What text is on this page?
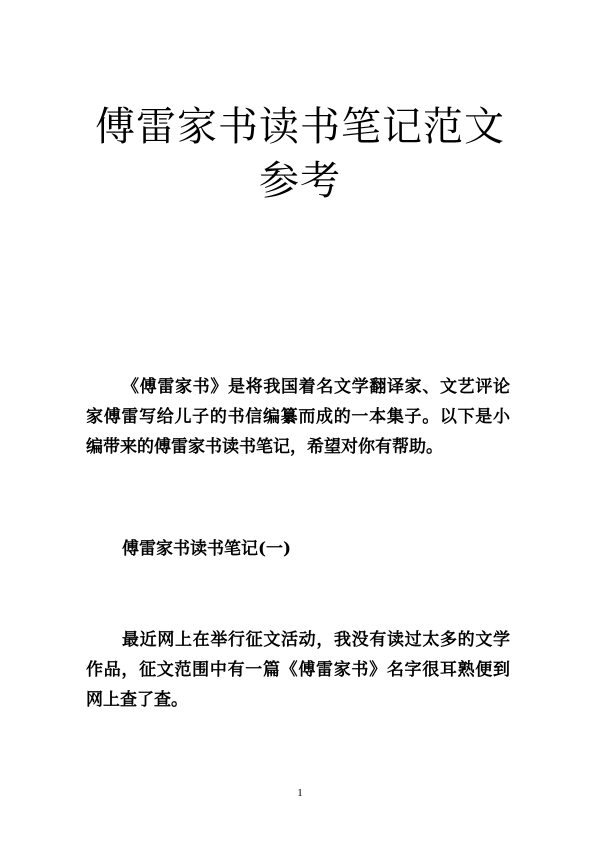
傅雷家书读书笔记范文参考

《傅雷家书》是将我国着名文学翻译家、文艺评论家傅雷写给儿子的书信编纂而成的一本集子。以下是小编带来的傅雷家书读书笔记，希望对你有帮助。

傅雷家书读书笔记(一)

最近网上在举行征文活动，我没有读过太多的文学作品，征文范围中有一篇《傅雷家书》名字很耳熟便到网上查了查。

1
